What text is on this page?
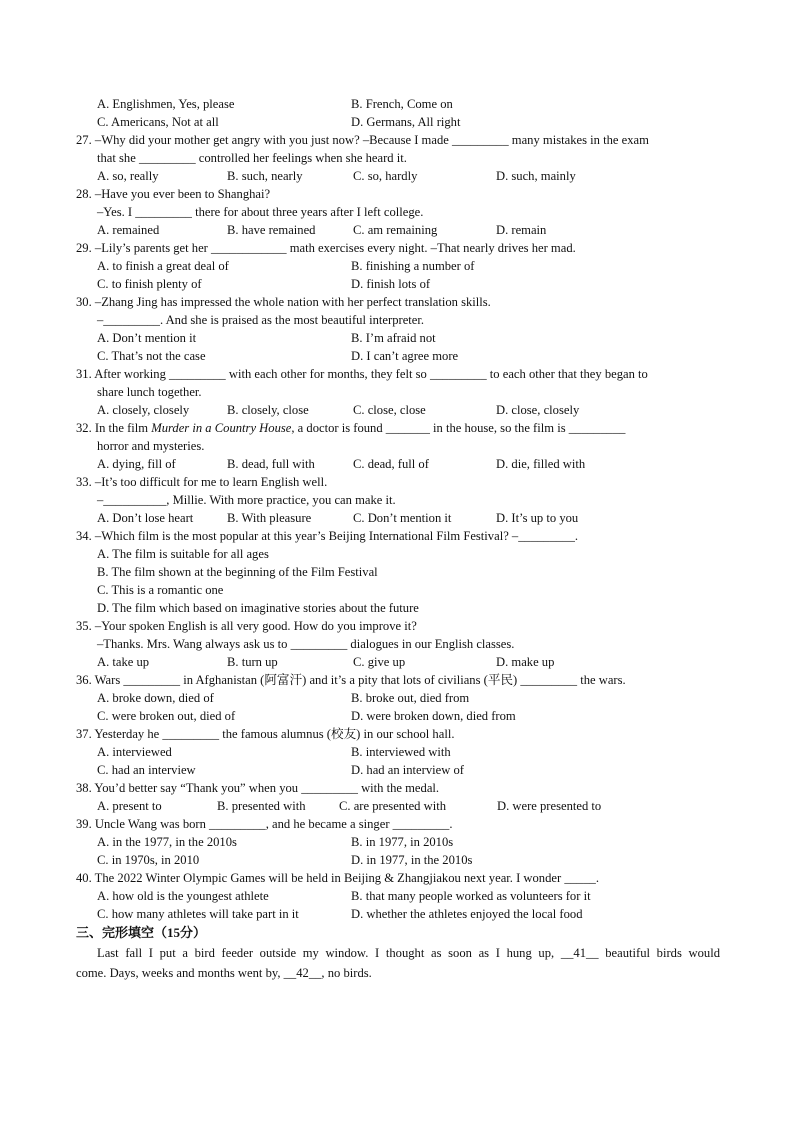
A. Englishmen, Yes, please	B. French, Come on
C. Americans, Not at all	D. Germans, All right
27. –Why did your mother get angry with you just now? –Because I made _________ many mistakes in the exam
that she _________ controlled her feelings when she heard it.
A. so, really	B. such, nearly	C. so, hardly	D. such, mainly
28. –Have you ever been to Shanghai?
–Yes. I _________ there for about three years after I left college.
A. remained	B. have remained	C. am remaining	D. remain
29. –Lily’s parents get her ____________ math exercises every night. –That nearly drives her mad.
A. to finish a great deal of	B. finishing a number of
C. to finish plenty of	D. finish lots of
30. –Zhang Jing has impressed the whole nation with her perfect translation skills.
–_________. And she is praised as the most beautiful interpreter.
A. Don’t mention it	B. I’m afraid not
C. That’s not the case	D. I can’t agree more
31. After working _________ with each other for months, they felt so _________ to each other that they began to
share lunch together.
A. closely, closely	B. closely, close	C. close, close	D. close, closely
32. In the film Murder in a Country House, a doctor is found _______ in the house, so the film is _________
horror and mysteries.
A. dying, fill of	B. dead, full with	C. dead, full of	D. die, filled with
33. –It’s too difficult for me to learn English well.
–__________, Millie. With more practice, you can make it.
A. Don’t lose heart	B. With pleasure	C. Don’t mention it	D. It’s up to you
34. –Which film is the most popular at this year’s Beijing International Film Festival? –_________.
A. The film is suitable for all ages
B. The film shown at the beginning of the Film Festival
C. This is a romantic one
D. The film which based on imaginative stories about the future
35. –Your spoken English is all very good. How do you improve it?
–Thanks. Mrs. Wang always ask us to _________ dialogues in our English classes.
A. take up	B. turn up	C. give up	D. make up
36. Wars _________ in Afghanistan (阿富汗) and it’s a pity that lots of civilians (平民) _________ the wars.
A. broke down, died of	B. broke out, died from
C. were broken out, died of	D. were broken down, died from
37. Yesterday he _________ the famous alumnus (校友) in our school hall.
A. interviewed	B. interviewed with
C. had an interview	D. had an interview of
38. You’d better say “Thank you” when you _________ with the medal.
A. present to	B. presented with	C. are presented with	D. were presented to
39. Uncle Wang was born _________, and he became a singer _________.
A. in the 1977, in the 2010s	B. in 1977, in 2010s
C. in 1970s, in 2010	D. in 1977, in the 2010s
40. The 2022 Winter Olympic Games will be held in Beijing & Zhangjiakou next year. I wonder _____.
A. how old is the youngest athlete	B. that many people worked as volunteers for it
C. how many athletes will take part in it	D. whether the athletes enjoyed the local food
三、完形填空（15分）
Last fall I put a bird feeder outside my window. I thought as soon as I hung up, __41__ beautiful birds would
come. Days, weeks and months went by, __42__, no birds.
